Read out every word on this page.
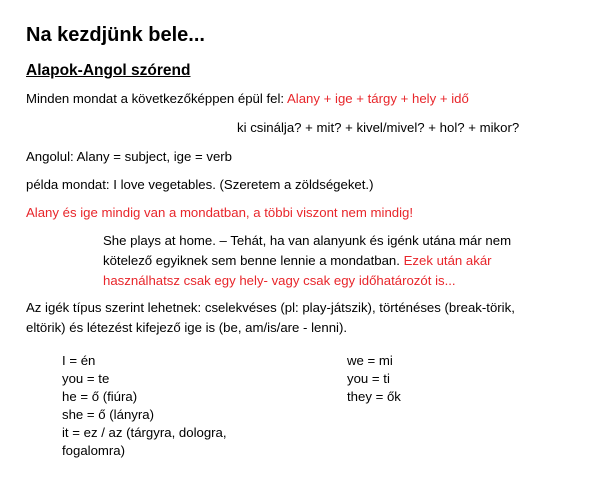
Na kezdjünk bele...
Alapok-Angol szórend
Minden mondat a következőképpen épül fel: Alany + ige + tárgy + hely + idő
ki csinálja? + mit? + kivel/mivel? + hol? + mikor?
Angolul: Alany = subject, ige = verb
példa mondat: I love vegetables. (Szeretem a zöldségeket.)
Alany és ige mindig van a mondatban, a többi viszont nem mindig!
She plays at home. – Tehát, ha van alanyunk és igénk utána már nem
kötelező egyiknek sem benne lennie a mondatban. Ezek után akár
használhatsz csak egy hely- vagy csak egy időhatározót is...
Az igék típus szerint lehetnek: cselekvéses (pl: play-játszik), történéses (break-törik,
eltörik) és létezést kifejező ige is (be, am/is/are - lenni).
I = én
you = te
he = ő (fiúra)
she = ő (lányra)
it = ez / az (tárgyra, dologra,
fogalomra)
we = mi
you = ti
they = ők
